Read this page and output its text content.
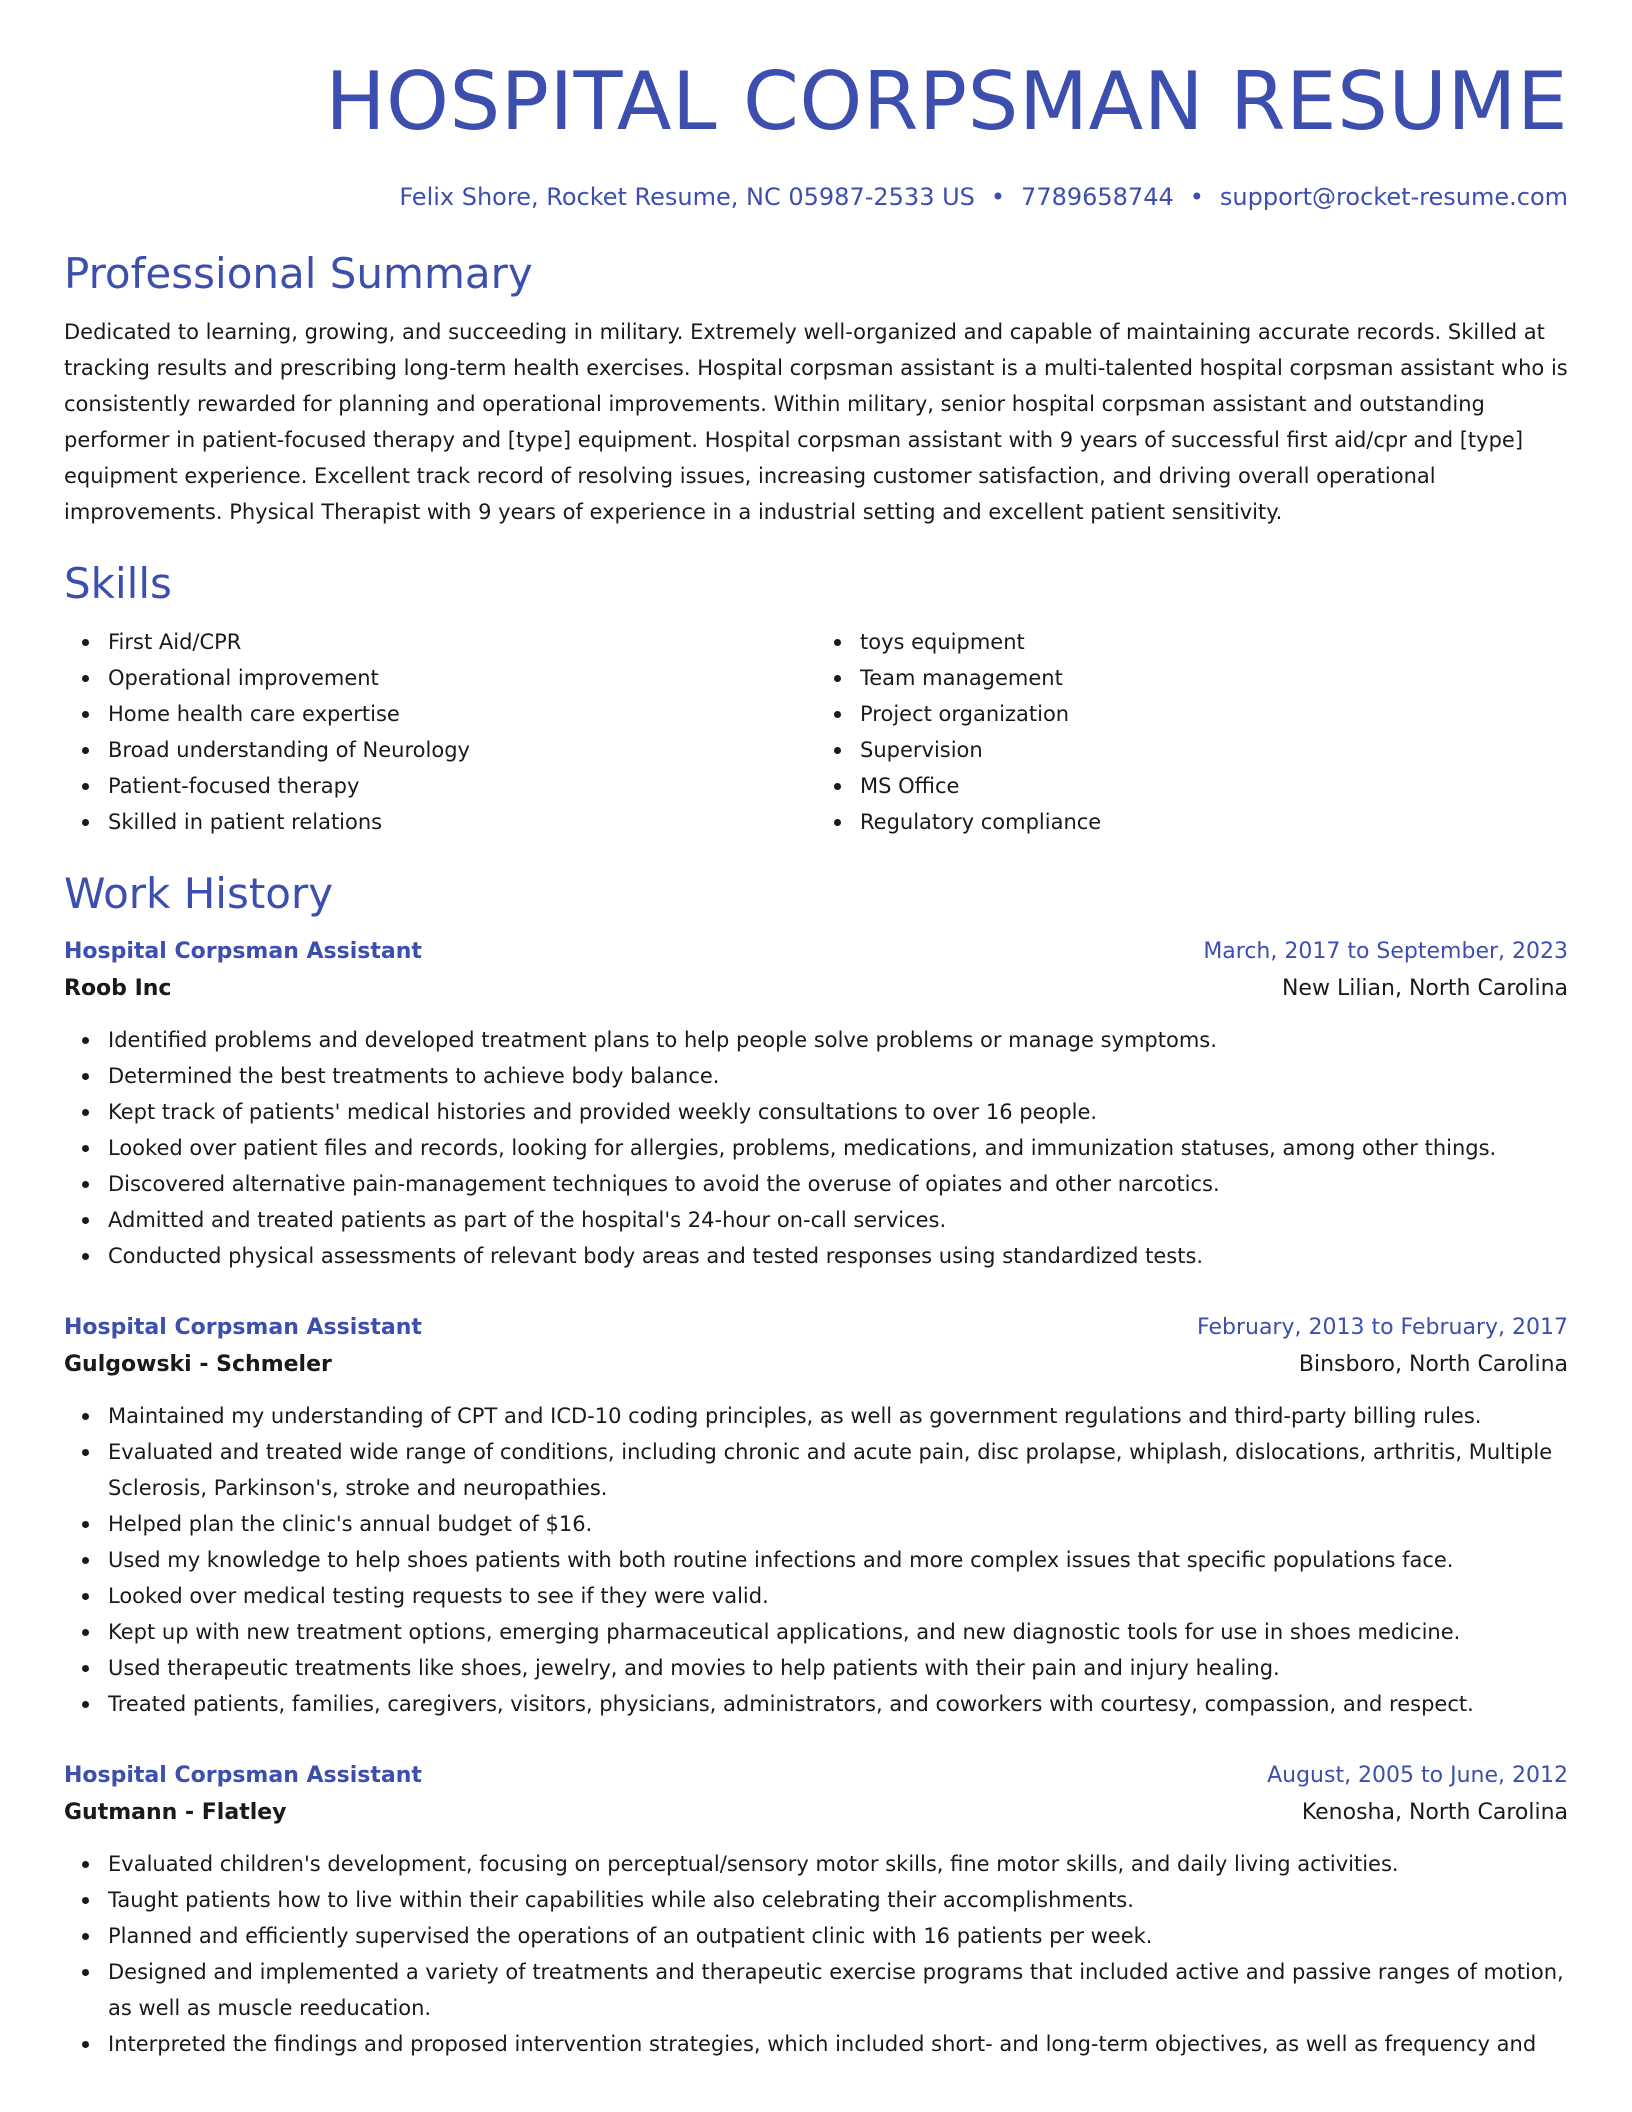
HOSPITAL CORPSMAN RESUME
Felix Shore, Rocket Resume, NC 05987-2533 US • 7789658744 • support@rocket-resume.com
Professional Summary

Dedicated to learning, growing, and succeeding in military. Extremely well-organized and capable of maintaining accurate records. Skilled at tracking results and prescribing long-term health exercises. Hospital corpsman assistant is a multi-talented hospital corpsman assistant who is consistently rewarded for planning and operational improvements. Within military, senior hospital corpsman assistant and outstanding performer in patient-focused therapy and [type] equipment. Hospital corpsman assistant with 9 years of successful first aid/cpr and [type] equipment experience. Excellent track record of resolving issues, increasing customer satisfaction, and driving overall operational improvements. Physical Therapist with 9 years of experience in a industrial setting and excellent patient sensitivity.

Skills
First Aid/CPR
Operational improvement
Home health care expertise
Broad understanding of Neurology
Patient-focused therapy
Skilled in patient relations
toys equipment
Team management
Project organization
Supervision
MS Office
Regulatory compliance
Work History
Hospital Corpsman Assistant	March, 2017 to September, 2023
Roob Inc	New Lilian, North Carolina
Identified problems and developed treatment plans to help people solve problems or manage symptoms.
Determined the best treatments to achieve body balance.
Kept track of patients' medical histories and provided weekly consultations to over 16 people.
Looked over patient files and records, looking for allergies, problems, medications, and immunization statuses, among other things.
Discovered alternative pain-management techniques to avoid the overuse of opiates and other narcotics.
Admitted and treated patients as part of the hospital's 24-hour on-call services.
Conducted physical assessments of relevant body areas and tested responses using standardized tests.
Hospital Corpsman Assistant	February, 2013 to February, 2017
Gulgowski - Schmeler	Binsboro, North Carolina
Maintained my understanding of CPT and ICD-10 coding principles, as well as government regulations and third-party billing rules.
Evaluated and treated wide range of conditions, including chronic and acute pain, disc prolapse, whiplash, dislocations, arthritis, Multiple Sclerosis, Parkinson's, stroke and neuropathies.
Helped plan the clinic's annual budget of $16.
Used my knowledge to help shoes patients with both routine infections and more complex issues that specific populations face.
Looked over medical testing requests to see if they were valid.
Kept up with new treatment options, emerging pharmaceutical applications, and new diagnostic tools for use in shoes medicine.
Used therapeutic treatments like shoes, jewelry, and movies to help patients with their pain and injury healing.
Treated patients, families, caregivers, visitors, physicians, administrators, and coworkers with courtesy, compassion, and respect.
Hospital Corpsman Assistant	August, 2005 to June, 2012
Gutmann - Flatley	Kenosha, North Carolina
Evaluated children's development, focusing on perceptual/sensory motor skills, fine motor skills, and daily living activities.
Taught patients how to live within their capabilities while also celebrating their accomplishments.
Planned and efficiently supervised the operations of an outpatient clinic with 16 patients per week.
Designed and implemented a variety of treatments and therapeutic exercise programs that included active and passive ranges of motion, as well as muscle reeducation.
Interpreted the findings and proposed intervention strategies, which included short- and long-term objectives, as well as frequency and
